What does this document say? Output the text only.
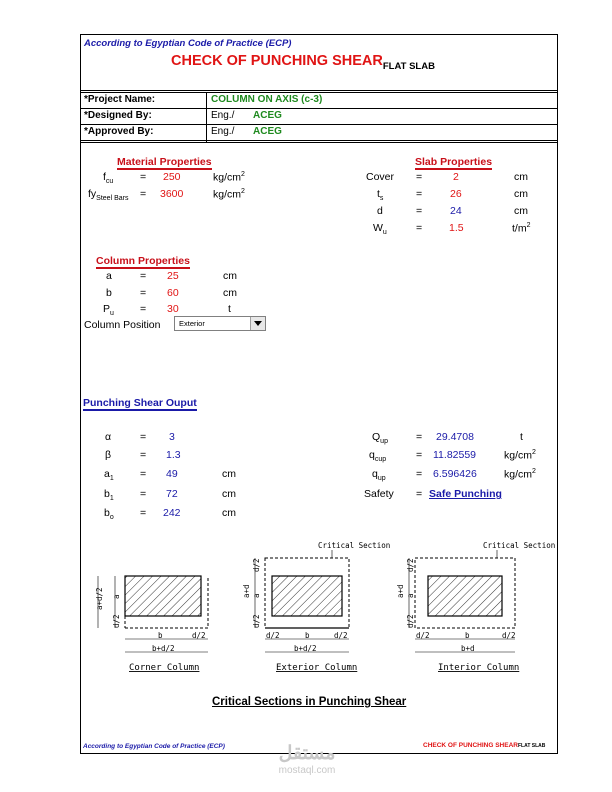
According to Egyptian Code of Practice (ECP)
CHECK OF PUNCHING $SHEAR_{FLAT SLAB}$
*Project Name:	COLUMN ON AXIS (c-3)
*Designed By:	Eng./ ACEG
*Approved By:	Eng./ ACEG
Material Properties
$f_{cu}$	= 250	$kg/cm^2$
$fy_{Steel Bars} = 3600$	$kg/cm^2$
Slab Properties
Cover =	2	cm
$t_s$	=	26	cm
d	=	24	cm
$W_u$	=	1.5	$t/m^2$
Column Properties
a	= 25	cm
b	= 60	cm
$P_u = 30$	t
Column Position Exterior
Punching Shear Ouput
α	= 3
β	= 1.3
$a_1$	= 49	cm
$b_1$	= 72	cm
$b_o$	= 242	cm
$Q_{up}$	= 29.4708	t
$q_{cup}$	= 11.82559	$kg/cm^2$
$q_{up}$	= 6.596426	$kg/cm^2$
Safety = Safe Punching
a+d/2 a
d/2
b	d/2
b+d/2
Corner Column
Critical Section
d/2
a+d a
d/2
d/2	b	d/2
b+d/2
Exterior Column
Critical Section
d/2
a+d a
d/2
d/2	b	d/2
b+d
Interior Column
Critical Sections in Punching Shear
According to Egyptian Code of Practice (ECP)	CHECK OF PUNCHING SHEARFLAT SLAB
مستقل
mostaql.com
